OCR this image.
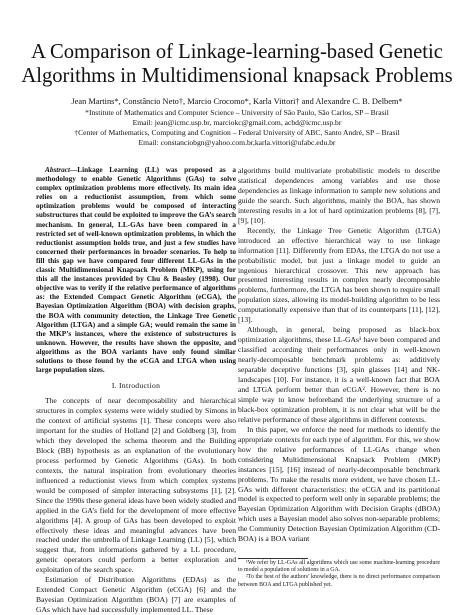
A Comparison of Linkage-learning-based Genetic
Algorithms in Multidimensional knapsack Problems
Jean Martins*, Constâncio Neto†, Marcio Crocomo*, Karla Vittori† and Alexandre C. B. Delbem*
*Institute of Mathematics and Computer Science – University of São Paulo, São Carlos, SP – Brasil
Email: jean@icmc.usp.br, marciokc@gmail.com, acbd@icmc.usp.br
†Center of Mathematics, Computing and Cognition – Federal University of ABC, Santo André, SP – Brasil
Email: constanciobgn@yahoo.com.br,karla.vittori@ufabc.edu.br

Abstract—Linkage Learning (LL) was proposed as a methodology to enable Genetic Algorithms (GAs) to solve complex optimization problems more effectively. Its main idea relies on a reductionist assumption, from which some optimization problems would be composed of interacting substructures that could be exploited to improve the GA’s search mechanism. In general, LL-GAs have been compared in a restricted set of well-known optimization problems, in which the reductionist assumption holds true, and just a few studies have concerned their performances in broader scenarios. To help to fill this gap we have compared four different LL-GAs in the classic Multidimensional Knapsack Problem (MKP), using for this all the instances provided by Chu & Beasley (1998). Our objective was to verify if the relative performance of algorithms as: the Extended Compact Genetic Algorithm (eCGA), the Bayesian Optimization Algorithm (BOA) with decision graphs, the BOA with community detection, the Linkage Tree Genetic Algorithm (LTGA) and a simple GA; would remain the same in the MKP’s instances, where the existence of substructures is unknown. However, the results have shown the opposite, and algorithms as the BOA variants have only found similar solutions to those found by the eCGA and LTGA when using large population sizes.

I. Introduction

The concepts of near decomposability and hierarchical structures in complex systems were widely studied by Simons in the context of artificial systems [1]. These concepts were also important for the studies of Holland [2] and Goldberg [3], from which they developed the schema theorem and the Building Block (BB) hypothesis as an explanation of the evolutionary process performed by Genetic Algorithms (GAs). In both contexts, the natural inspiration from evolutionary theories influenced a reductionist views from which complex systems would be composed of simpler interacting subsystems [1], [2]. Since the 1990s these general ideas have been widely studied and applied in the GA’s field for the development of more effective algorithms [4]. A group of GAs has been developed to exploit effectively these ideas and meaningful advances have been reached under the umbrella of Linkage Learning (LL) [5], which suggest that, from informations gathered by a LL procedure, genetic operators could perform a better exploration and exploitation of the search space.

Estimation of Distribution Algorithms (EDAs) as the Extended Compact Genetic Algorithm (eCGA) [6] and the Bayesian Optimization Algorithm (BOA) [7] are examples of GAs which have had successfully implemented LL. These

algorithms build multivariate probabilistic models to describe statistical dependences among variables and use those dependencies as linkage information to sample new solutions and guide the search. Such algorithms, mainly the BOA, has shown interesting results in a lot of hard optimization problems [8], [7], [9], [10].

Recently, the Linkage Tree Genetic Algorithm (LTGA) introduced an effective hierarchical way to use linkage information [11]. Differently from EDAs, the LTGA do not use a probabilistic model, but just a linkage model to guide an ingenious hierarchical crossover. This new approach has presented interesting results in complex nearly decomposable problems, furthermore, the LTGA has been shown to require small population sizes, allowing its model-building algorithm to be less computationally expensive than that of its counterparts [11], [12], [13].

Although, in general, being proposed as black-box optimization algorithms, these LL-GAs¹ have been compared and classified according their performances only in well-known nearly-decomposable benchmark problems as: additively separable deceptive functions [3], spin glasses [14] and NK-landscapes [10]. For instance, it is a well-known fact that BOA and LTGA perform better than eCGA². However, there is no simple way to know beforehand the underlying structure of a black-box optimization problem, it is not clear what will be the relative performance of these algorithms in different contexts.

In this paper, we enforce the need for methods to identify the appropriate contexts for each type of algorithm. For this, we show how the relative performances of LL-GAs change when considering Multidimensional Knapsack Problem (MKP) instances [15], [16] instead of nearly-decomposable benchmark problems. To make the results more evident, we have chosen LL-GAs with different characteristics: the eCGA and its partitional model is expected to perform well only in separable problems; the Bayesian Optimization Algorithm with Decision Graphs (dBOA) which uses a Bayesian model also solves non-separable problems; the Community Detection Bayesian Optimization Algorithm (CD-BOA) is a BOA variant

¹We refer by LL-GAs all algorithms which use some machine-learning procedure to model a population of solutions in a GA.

²To the best of the authors’ knowledge, there is no direct performance comparison between BOA and LTGA published yet.
